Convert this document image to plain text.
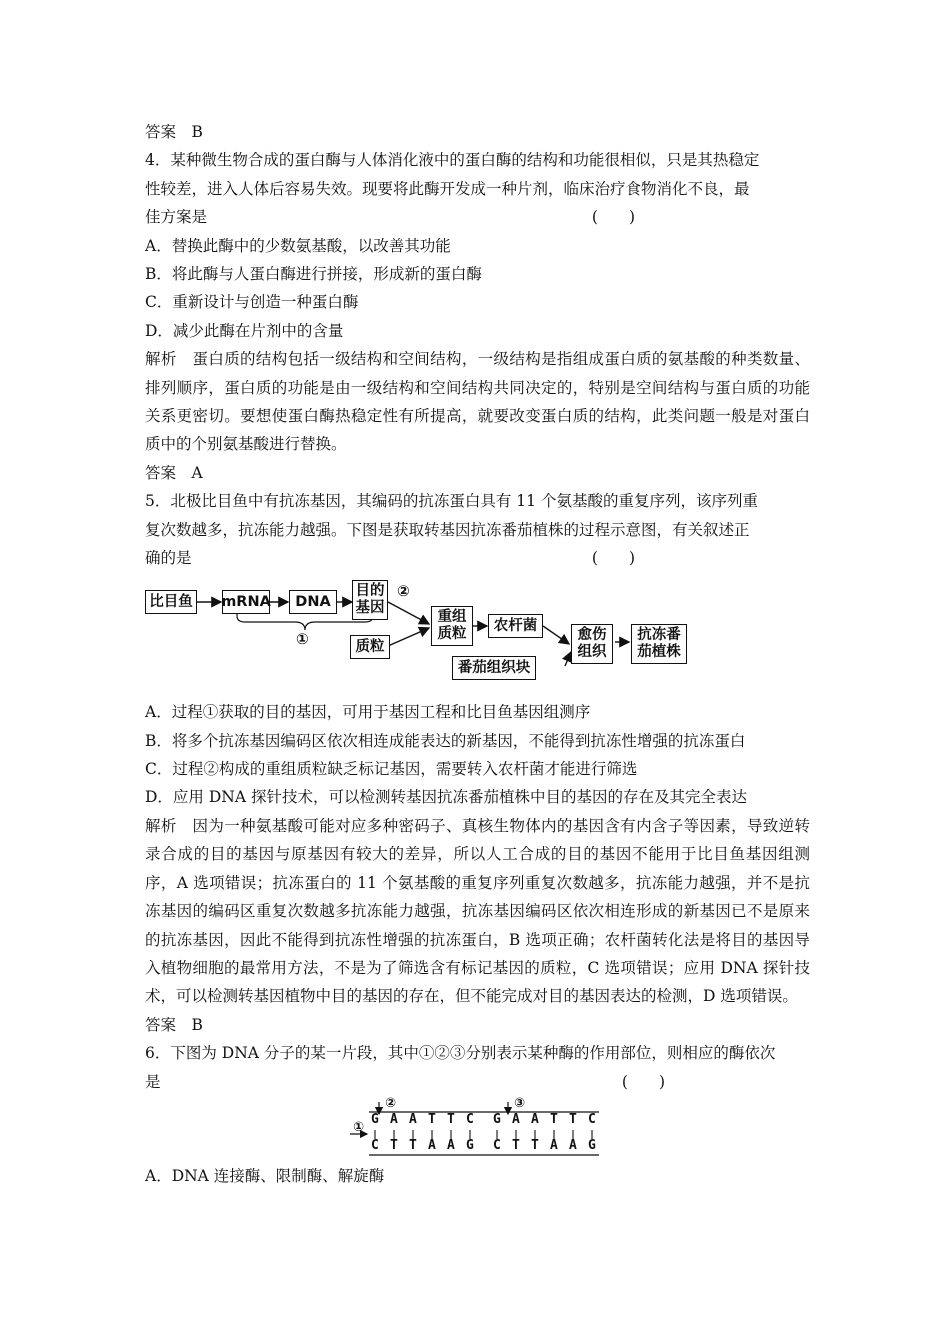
答案　B
4．某种微生物合成的蛋白酶与人体消化液中的蛋白酶的结构和功能很相似，只是其热稳定
性较差，进入人体后容易失效。现要将此酶开发成一种片剂，临床治疗食物消化不良，最
佳方案是	(　　)
A．替换此酶中的少数氨基酸，以改善其功能
B．将此酶与人蛋白酶进行拼接，形成新的蛋白酶
C．重新设计与创造一种蛋白酶
D．减少此酶在片剂中的含量
解析　蛋白质的结构包括一级结构和空间结构，一级结构是指组成蛋白质的氨基酸的种类数量、排列顺序，蛋白质的功能是由一级结构和空间结构共同决定的，特别是空间结构与蛋白质的功能关系更密切。要想使蛋白酶热稳定性有所提高，就要改变蛋白质的结构，此类问题一般是对蛋白质中的个别氨基酸进行替换。
答案　A
5．北极比目鱼中有抗冻基因，其编码的抗冻蛋白具有 11 个氨基酸的重复序列，该序列重
复次数越多，抗冻能力越强。下图是获取转基因抗冻番茄植株的过程示意图，有关叙述正
确的是	(　　)
比目鱼 mRNA	DNA
目的基因
②
①	质粒
重组质粒
农杆菌
番茄组织块
愈伤组织
抗冻番茄植株
A．过程①获取的目的基因，可用于基因工程和比目鱼基因组测序
B．将多个抗冻基因编码区依次相连成能表达的新基因，不能得到抗冻性增强的抗冻蛋白
C．过程②构成的重组质粒缺乏标记基因，需要转入农杆菌才能进行筛选
D．应用 DNA 探针技术，可以检测转基因抗冻番茄植株中目的基因的存在及其完全表达
解析　因为一种氨基酸可能对应多种密码子、真核生物体内的基因含有内含子等因素，导致逆转录合成的目的基因与原基因有较大的差异，所以人工合成的目的基因不能用于比目鱼基因组测序，A 选项错误；抗冻蛋白的 11 个氨基酸的重复序列重复次数越多，抗冻能力越强，并不是抗冻基因的编码区重复次数越多抗冻能力越强，抗冻基因编码区依次相连形成的新基因已不是原来的抗冻基因，因此不能得到抗冻性增强的抗冻蛋白，B 选项正确；农杆菌转化法是将目的基因导入植物细胞的最常用方法，不是为了筛选含有标记基因的质粒，C 选项错误；应用 DNA 探针技术，可以检测转基因植物中目的基因的存在，但不能完成对目的基因表达的检测，D 选项错误。
答案　B
6．下图为 DNA 分子的某一片段，其中①②③分别表示某种酶的作用部位，则相应的酶依次
是	(　　)
G A A T T C G A A T T C
C T T A A G C T T A A G
②	③
①
A．DNA 连接酶、限制酶、解旋酶
